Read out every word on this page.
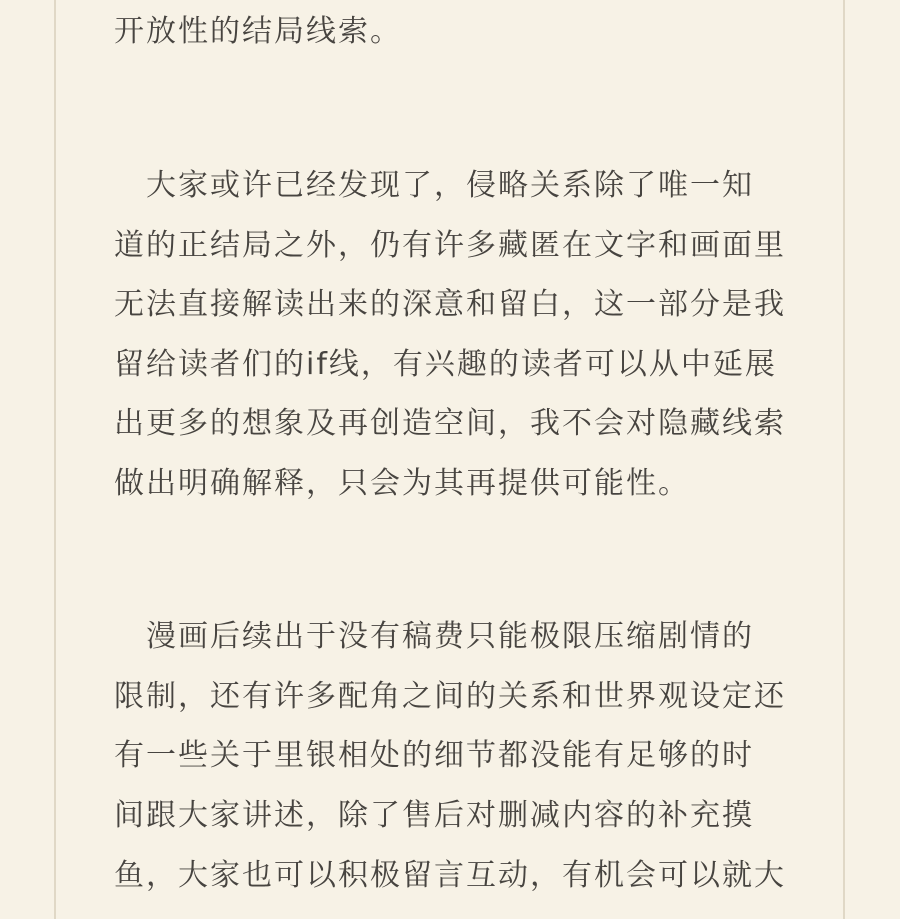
开放性的结局线索。
　大家或许已经发现了，侵略关系除了唯一知
道的正结局之外，仍有许多藏匿在文字和画面里
无法直接解读出来的深意和留白，这一部分是我
留给读者们的if线，有兴趣的读者可以从中延展
出更多的想象及再创造空间，我不会对隐藏线索
做出明确解释，只会为其再提供可能性。
　漫画后续出于没有稿费只能极限压缩剧情的
限制，还有许多配角之间的关系和世界观设定还
有一些关于里银相处的细节都没能有足够的时
间跟大家讲述，除了售后对删减内容的补充摸
鱼，大家也可以积极留言互动，有机会可以就大
